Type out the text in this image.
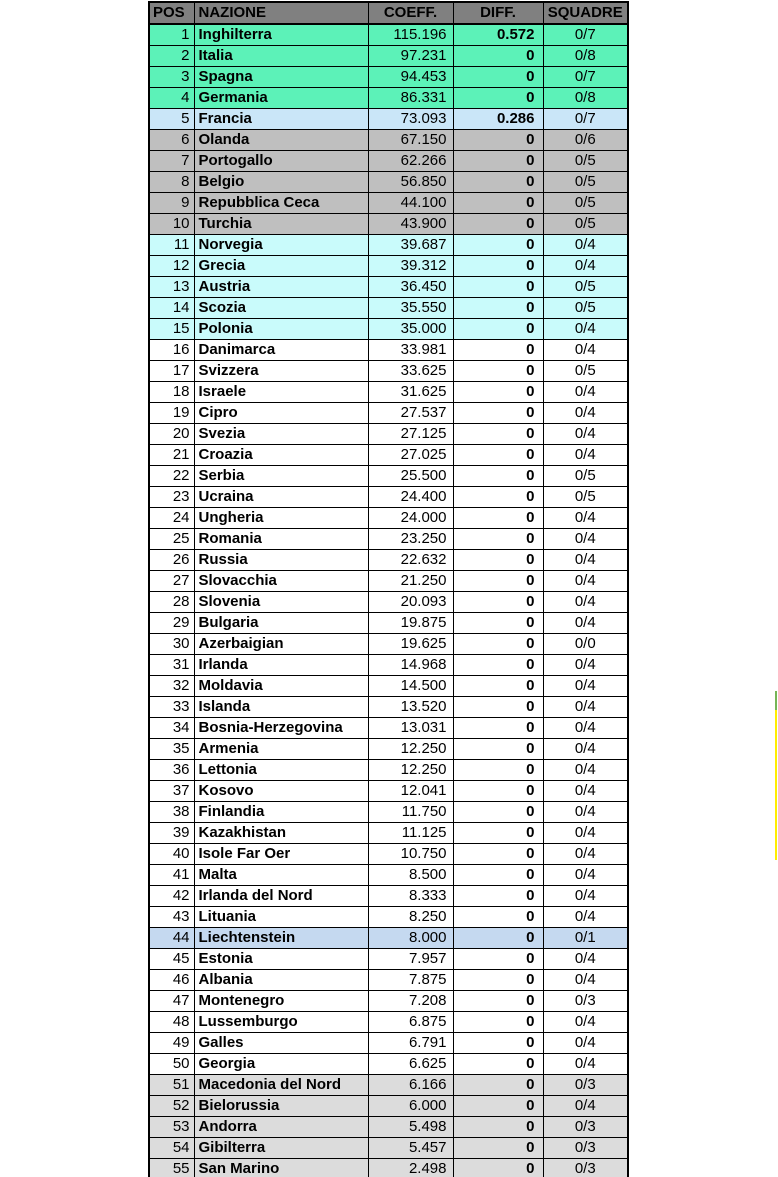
POS	NAZIONE	COEFF.	DIFF.	SQUADRE
1	Inghilterra	115.196	0.572	0/7
2	Italia	97.231	0	0/8
3	Spagna	94.453	0	0/7
4	Germania	86.331	0	0/8
5	Francia	73.093	0.286	0/7
6	Olanda	67.150	0	0/6
7	Portogallo	62.266	0	0/5
8	Belgio	56.850	0	0/5
9	Repubblica Ceca	44.100	0	0/5
10	Turchia	43.900	0	0/5
11	Norvegia	39.687	0	0/4
12	Grecia	39.312	0	0/4
13	Austria	36.450	0	0/5
14	Scozia	35.550	0	0/5
15	Polonia	35.000	0	0/4
16	Danimarca	33.981	0	0/4
17	Svizzera	33.625	0	0/5
18	Israele	31.625	0	0/4
19	Cipro	27.537	0	0/4
20	Svezia	27.125	0	0/4
21	Croazia	27.025	0	0/4
22	Serbia	25.500	0	0/5
23	Ucraina	24.400	0	0/5
24	Ungheria	24.000	0	0/4
25	Romania	23.250	0	0/4
26	Russia	22.632	0	0/4
27	Slovacchia	21.250	0	0/4
28	Slovenia	20.093	0	0/4
29	Bulgaria	19.875	0	0/4
30	Azerbaigian	19.625	0	0/0
31	Irlanda	14.968	0	0/4
32	Moldavia	14.500	0	0/4
33	Islanda	13.520	0	0/4
34	Bosnia-Herzegovina	13.031	0	0/4
35	Armenia	12.250	0	0/4
36	Lettonia	12.250	0	0/4
37	Kosovo	12.041	0	0/4
38	Finlandia	11.750	0	0/4
39	Kazakhistan	11.125	0	0/4
40	Isole Far Oer	10.750	0	0/4
41	Malta	8.500	0	0/4
42	Irlanda del Nord	8.333	0	0/4
43	Lituania	8.250	0	0/4
44	Liechtenstein	8.000	0	0/1
45	Estonia	7.957	0	0/4
46	Albania	7.875	0	0/4
47	Montenegro	7.208	0	0/3
48	Lussemburgo	6.875	0	0/4
49	Galles	6.791	0	0/4
50	Georgia	6.625	0	0/4
51	Macedonia del Nord	6.166	0	0/3
52	Bielorussia	6.000	0	0/4
53	Andorra	5.498	0	0/3
54	Gibilterra	5.457	0	0/3
55	San Marino	2.498	0	0/3
